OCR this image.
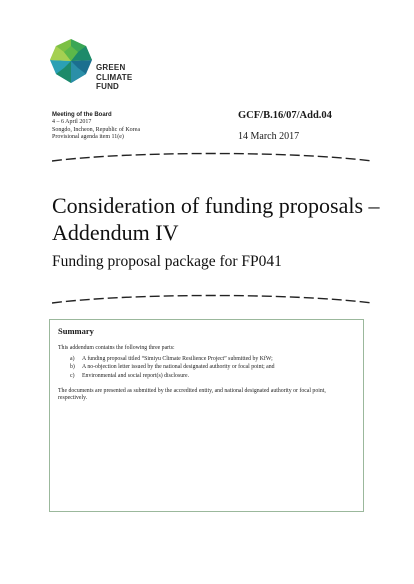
GREEN
CLIMATE
FUND
Meeting of the Board
4 – 6 April 2017
Songdo, Incheon, Republic of Korea
Provisional agenda item 11(e)
GCF/B.16/07/Add.04
14 March 2017
Consideration of funding proposals – Addendum IV
Funding proposal package for FP041
Summary
This addendum contains the following three parts:
a)	A funding proposal titled “Simiyu Climate Resilience Project” submitted by KfW;
b)	A no-objection letter issued by the national designated authority or focal point; and
c)	Environmental and social report(s) disclosure.
The documents are presented as submitted by the accredited entity, and national designated authority or focal point, respectively.
